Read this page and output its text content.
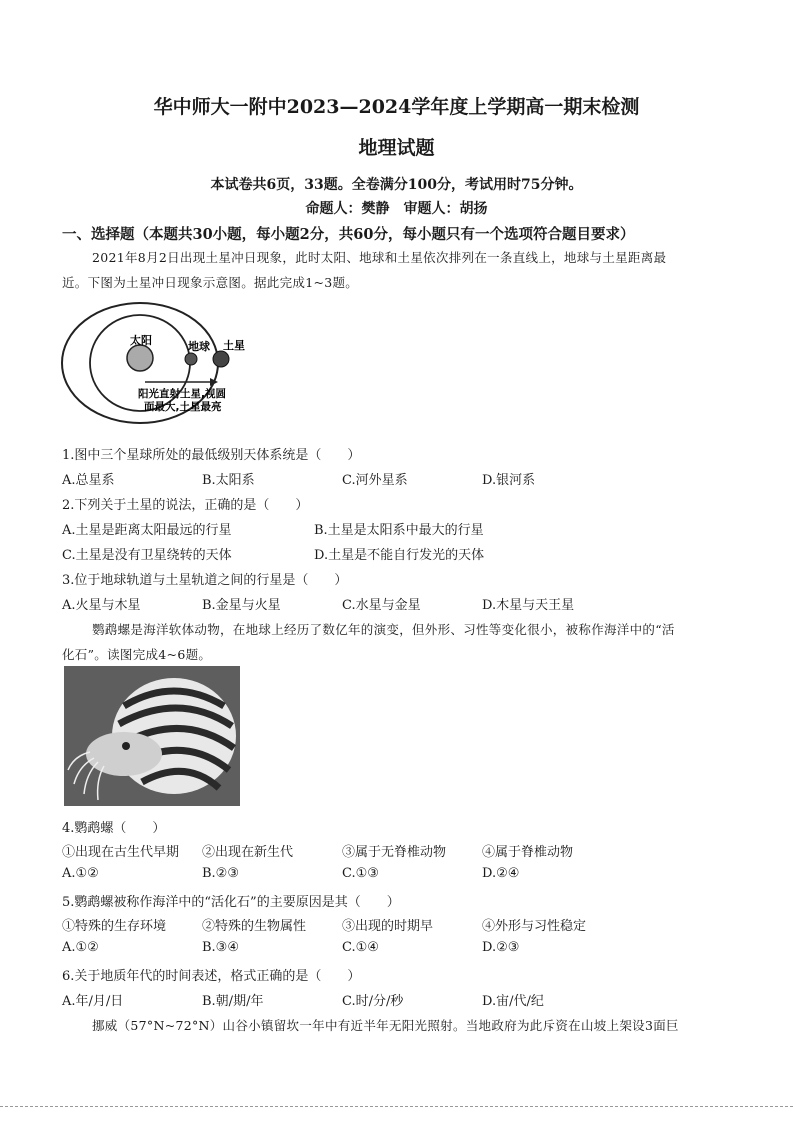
华中师大一附中2023—2024学年度上学期高一期末检测
地理试题
本试卷共6页，33题。全卷满分100分，考试用时75分钟。
命题人：樊静　审题人：胡扬
一、选择题（本题共30小题，每小题2分，共60分，每小题只有一个选项符合题目要求）
2021年8月2日出现土星冲日现象，此时太阳、地球和土星依次排列在一条直线上，地球与土星距离最
近。下图为土星冲日现象示意图。据此完成1~3题。
太阳	地球 土星
阳光直射土星,视圆
面最大,土星最亮
1.图中三个星球所处的最低级别天体系统是（　　）
A.总星系	B.太阳系	C.河外星系	D.银河系
2.下列关于土星的说法，正确的是（　　）
A.土星是距离太阳最远的行星	B.土星是太阳系中最大的行星
C.土星是没有卫星绕转的天体	D.土星是不能自行发光的天体
3.位于地球轨道与土星轨道之间的行星是（　　）
A.火星与木星	B.金星与火星	C.水星与金星	D.木星与天王星
鹦鹉螺是海洋软体动物，在地球上经历了数亿年的演变，但外形、习性等变化很小，被称作海洋中的“活
化石”。读图完成4~6题。
4.鹦鹉螺（　　）
①出现在古生代早期 ②出现在新生代	③属于无脊椎动物	④属于脊椎动物
A.①②	B.②③	C.①③	D.②④
5.鹦鹉螺被称作海洋中的“活化石”的主要原因是其（　　）
①特殊的生存环境	②特殊的生物属性	③出现的时期早	④外形与习性稳定
A.①②	B.③④	C.①④	D.②③
6.关于地质年代的时间表述，格式正确的是（　　）
A.年/月/日	B.朝/期/年	C.时/分/秒	D.宙/代/纪
挪威（57°N~72°N）山谷小镇留坎一年中有近半年无阳光照射。当地政府为此斥资在山坡上架设3面巨
